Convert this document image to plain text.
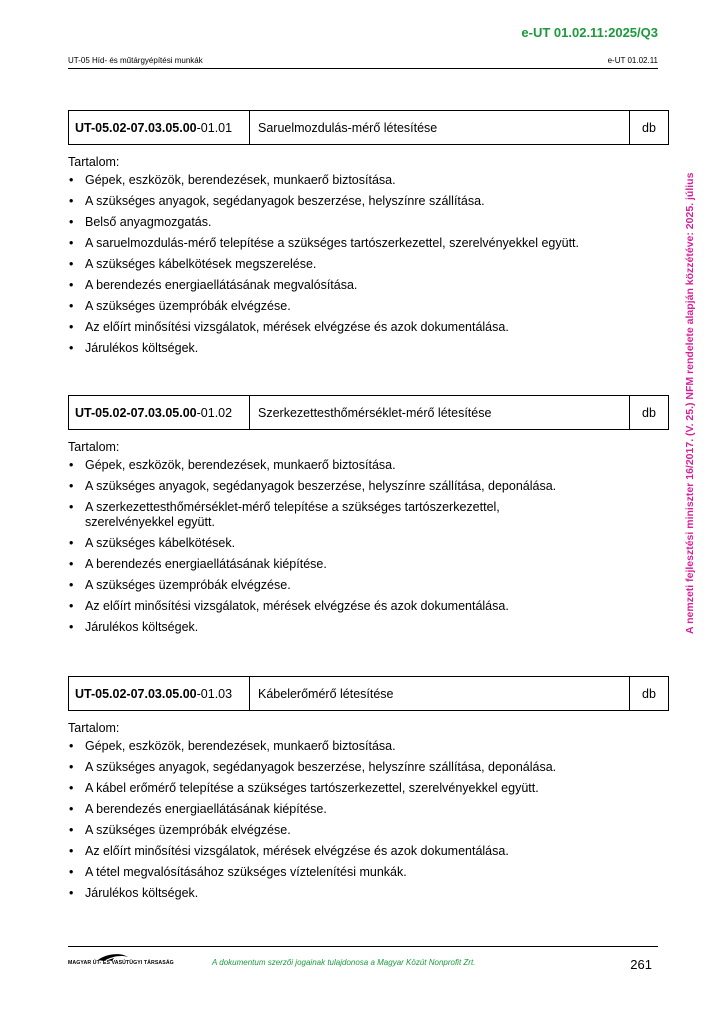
e-UT 01.02.11:2025/Q3
UT-05 Híd- és műtárgyépítési munkák	e-UT 01.02.11
A nemzeti fejlesztési miniszter 16/2017. (V. 25.) NFM rendelete alapján közzétéve: 2025. július
UT-05.02-07.03.05.00 -01.01	Saruelmozdulás-mérő létesítése	db
Tartalom:
• Gépek, eszközök, berendezések, munkaerő biztosítása.
• A szükséges anyagok, segédanyagok beszerzése, helyszínre szállítása.
• Belső anyagmozgatás.
• A saruelmozdulás-mérő telepítése a szükséges tartószerkezettel, szerelvényekkel együtt.
• A szükséges kábelkötések megszerelése.
• A berendezés energiaellátásának megvalósítása.
• A szükséges üzempróbák elvégzése.
• Az előírt minősítési vizsgálatok, mérések elvégzése és azok dokumentálása.
• Járulékos költségek.
UT-05.02-07.03.05.00 -01.02	Szerkezettesthőmérséklet-mérő létesítése	db
Tartalom:
• Gépek, eszközök, berendezések, munkaerő biztosítása.
• A szükséges anyagok, segédanyagok beszerzése, helyszínre szállítása, deponálása.
• A szerkezettesthőmérséklet-mérő telepítése a szükséges tartószerkezettel, szerelvényekkel együtt.
• A szükséges kábelkötések.
• A berendezés energiaellátásának kiépítése.
• A szükséges üzempróbák elvégzése.
• Az előírt minősítési vizsgálatok, mérések elvégzése és azok dokumentálása.
• Járulékos költségek.
UT-05.02-07.03.05.00 -01.03	Kábelerőmérő létesítése	db
Tartalom:
• Gépek, eszközök, berendezések, munkaerő biztosítása.
• A szükséges anyagok, segédanyagok beszerzése, helyszínre szállítása, deponálása.
• A kábel erőmérő telepítése a szükséges tartószerkezettel, szerelvényekkel együtt.
• A berendezés energiaellátásának kiépítése.
• A szükséges üzempróbák elvégzése.
• Az előírt minősítési vizsgálatok, mérések elvégzése és azok dokumentálása.
• A tétel megvalósításához szükséges víztelenítési munkák.
• Járulékos költségek.
MAGYAR ÚT- ÉS VASÚTÜGYI TÁRSASÁG	A dokumentum szerzői jogainak tulajdonosa a Magyar Közút Nonprofit Zrt.	261
